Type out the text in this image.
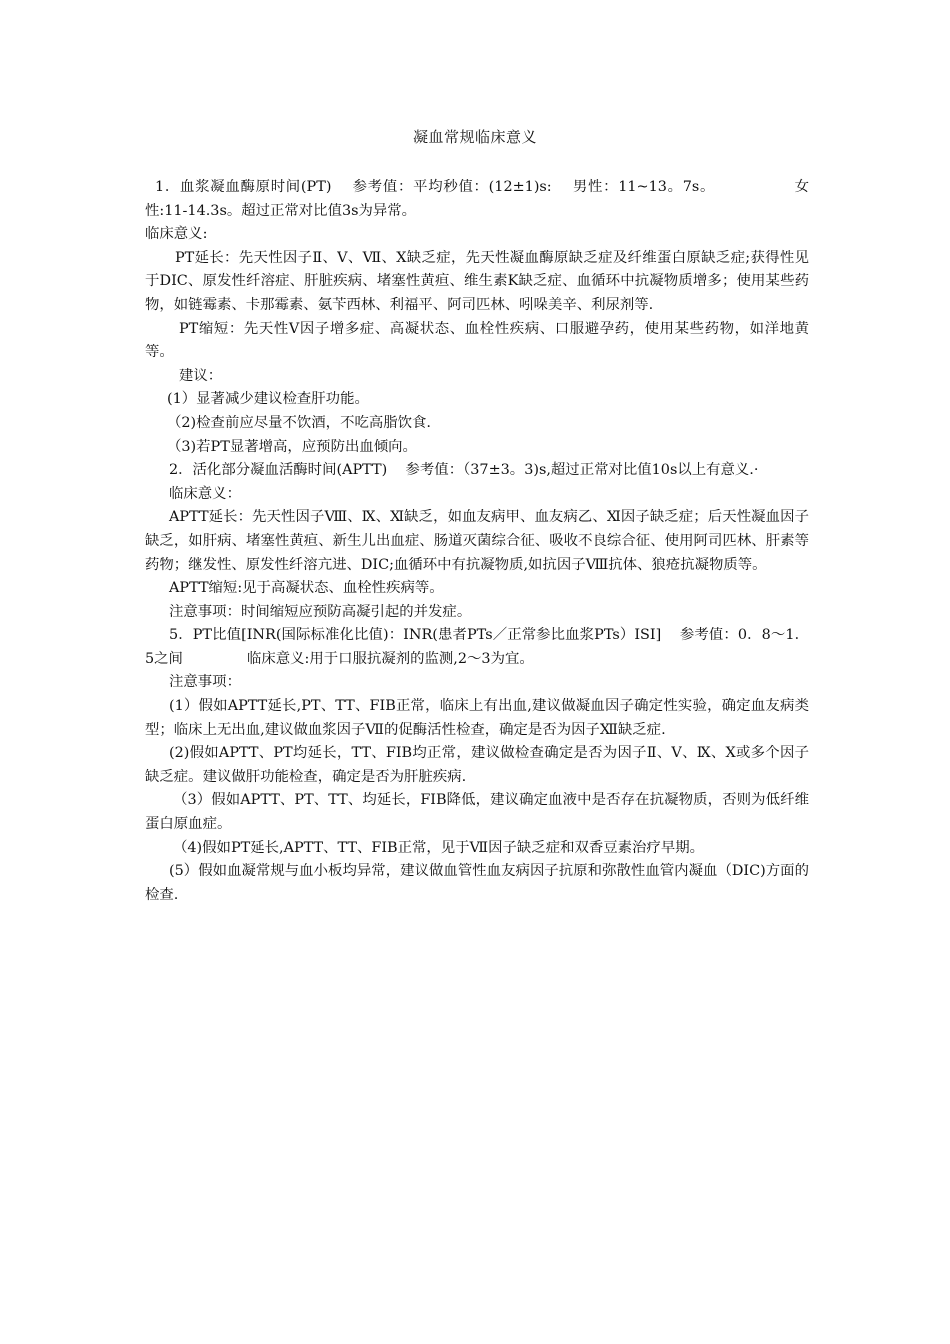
凝血常规临床意义

1．血浆凝血酶原时间(PT)    参考值：平均秒值：(12±1)s:    男性：11~13。7s。               女性:11-14.3s。超过正常对比值3s为异常。

临床意义:

PT延长：先天性因子Ⅱ、Ⅴ、Ⅶ、Ⅹ缺乏症，先天性凝血酶原缺乏症及纤维蛋白原缺乏症;获得性见于DIC、原发性纤溶症、肝脏疾病、堵塞性黄疸、维生素K缺乏症、血循环中抗凝物质增多；使用某些药物，如链霉素、卡那霉素、氨苄西林、利福平、阿司匹林、吲哚美辛、利尿剂等.

PT缩短：先天性Ⅴ因子增多症、高凝状态、血栓性疾病、口服避孕药，使用某些药物，如洋地黄等。

建议：

(1）显著减少建议检查肝功能。

（2)检查前应尽量不饮酒，不吃高脂饮食.

（3)若PT显著增高，应预防出血倾向。

2．活化部分凝血活酶时间(APTT)    参考值：（37±3。3)s,超过正常对比值10s以上有意义.·

临床意义：

APTT延长：先天性因子Ⅷ、Ⅸ、Ⅺ缺乏，如血友病甲、血友病乙、Ⅺ因子缺乏症；后天性凝血因子缺乏，如肝病、堵塞性黄疸、新生儿出血症、肠道灭菌综合征、吸收不良综合征、使用阿司匹林、肝素等药物；继发性、原发性纤溶亢进、DIC;血循环中有抗凝物质,如抗因子Ⅷ抗体、狼疮抗凝物质等。

APTT缩短:见于高凝状态、血栓性疾病等。

注意事项：时间缩短应预防高凝引起的并发症。

5．PT比值[INR(国际标准化比值)：INR(患者PTs／正常参比血浆PTs）ISI]    参考值：0．8～1．5之间              临床意义:用于口服抗凝剂的监测,2～3为宜。

注意事项：

(1）假如APTT延长,PT、TT、FIB正常，临床上有出血,建议做凝血因子确定性实验，确定血友病类型；临床上无出血,建议做血浆因子Ⅶ的促酶活性检查，确定是否为因子Ⅻ缺乏症.

(2)假如APTT、PT均延长，TT、FIB均正常，建议做检查确定是否为因子Ⅱ、Ⅴ、Ⅸ、Ⅹ或多个因子缺乏症。建议做肝功能检查，确定是否为肝脏疾病.

（3）假如APTT、PT、TT、均延长，FIB降低，建议确定血液中是否存在抗凝物质，否则为低纤维蛋白原血症。

（4)假如PT延长,APTT、TT、FIB正常，见于Ⅶ因子缺乏症和双香豆素治疗早期。

(5）假如血凝常规与血小板均异常，建议做血管性血友病因子抗原和弥散性血管内凝血（DIC)方面的检查.
